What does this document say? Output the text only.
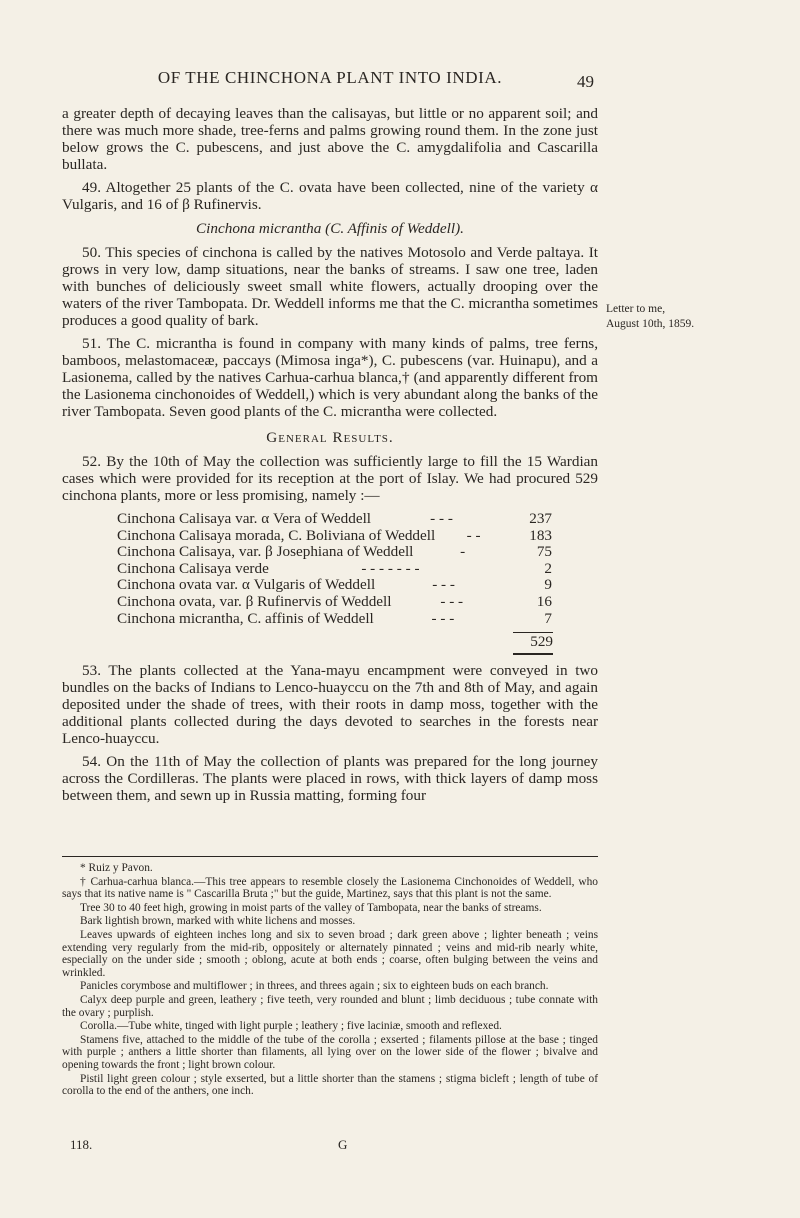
OF THE CHINCHONA PLANT INTO INDIA.	49

a greater depth of decaying leaves than the calisayas, but little or no apparent soil; and there was much more shade, tree-ferns and palms growing round them. In the zone just below grows the C. pubescens, and just above the C. amygdalifolia and Cascarilla bullata.

49. Altogether 25 plants of the C. ovata have been collected, nine of the variety α Vulgaris, and 16 of β Rufinervis.

Cinchona micrantha (C. Affinis of Weddell).

50. This species of cinchona is called by the natives Motosolo and Verde paltaya. It grows in very low, damp situations, near the banks of streams. I saw one tree, laden with bunches of deliciously sweet small white flowers, actually drooping over the waters of the river Tambopata. Dr. Weddell informs me that the C. micrantha sometimes produces a good quality of bark.

51. The C. micrantha is found in company with many kinds of palms, tree ferns, bamboos, melastomaceæ, paccays (Mimosa inga*), C. pubescens (var. Huinapu), and a Lasionema, called by the natives Carhua-carhua blanca,† (and apparently different from the Lasionema cinchonoides of Weddell,) which is very abundant along the banks of the river Tambopata. Seven good plants of the C. micrantha were collected.

General Results.

52. By the 10th of May the collection was sufficiently large to fill the 15 Wardian cases which were provided for its reception at the port of Islay. We had procured 529 cinchona plants, more or less promising, namely :—

Cinchona Calisaya var. α Vera of Weddell	- - -	237
Cinchona Calisaya morada, C. Boliviana of Weddell - -	183
Cinchona Calisaya, var. β Josephiana of Weddell	-	75
Cinchona Calisaya verde	- - - - - - -	2
Cinchona ovata var. α Vulgaris of Weddell	- - -	9
Cinchona ovata, var. β Rufinervis of Weddell	- - -	16
Cinchona micrantha, C. affinis of Weddell	- - -	7
529

53. The plants collected at the Yana-mayu encampment were conveyed in two bundles on the backs of Indians to Lenco-huayccu on the 7th and 8th of May, and again deposited under the shade of trees, with their roots in damp moss, together with the additional plants collected during the days devoted to searches in the forests near Lenco-huayccu.

54. On the 11th of May the collection of plants was prepared for the long journey across the Cordilleras. The plants were placed in rows, with thick layers of damp moss between them, and sewn up in Russia matting, forming four

Letter to me,
August 10th, 1859.

* Ruiz y Pavon.

† Carhua-carhua blanca.—This tree appears to resemble closely the Lasionema Cinchonoides of Weddell, who says that its native name is " Cascarilla Bruta ;" but the guide, Martinez, says that this plant is not the same.

Tree 30 to 40 feet high, growing in moist parts of the valley of Tambopata, near the banks of streams.

Bark lightish brown, marked with white lichens and mosses.

Leaves upwards of eighteen inches long and six to seven broad ; dark green above ; lighter beneath ; veins extending very regularly from the mid-rib, oppositely or alternately pinnated ; veins and mid-rib nearly white, especially on the under side ; smooth ; oblong, acute at both ends ; coarse, often bulging between the veins and wrinkled.

Panicles corymbose and multiflower ; in threes, and threes again ; six to eighteen buds on each branch.

Calyx deep purple and green, leathery ; five teeth, very rounded and blunt ; limb deciduous ; tube connate with the ovary ; purplish.

Corolla.—Tube white, tinged with light purple ; leathery ; five laciniæ, smooth and reflexed.

Stamens five, attached to the middle of the tube of the corolla ; exserted ; filaments pillose at the base ; tinged with purple ; anthers a little shorter than filaments, all lying over on the lower side of the flower ; bivalve and opening towards the front ; light brown colour.

Pistil light green colour ; style exserted, but a little shorter than the stamens ; stigma bicleft ; length of tube of corolla to the end of the anthers, one inch.

118.	G
